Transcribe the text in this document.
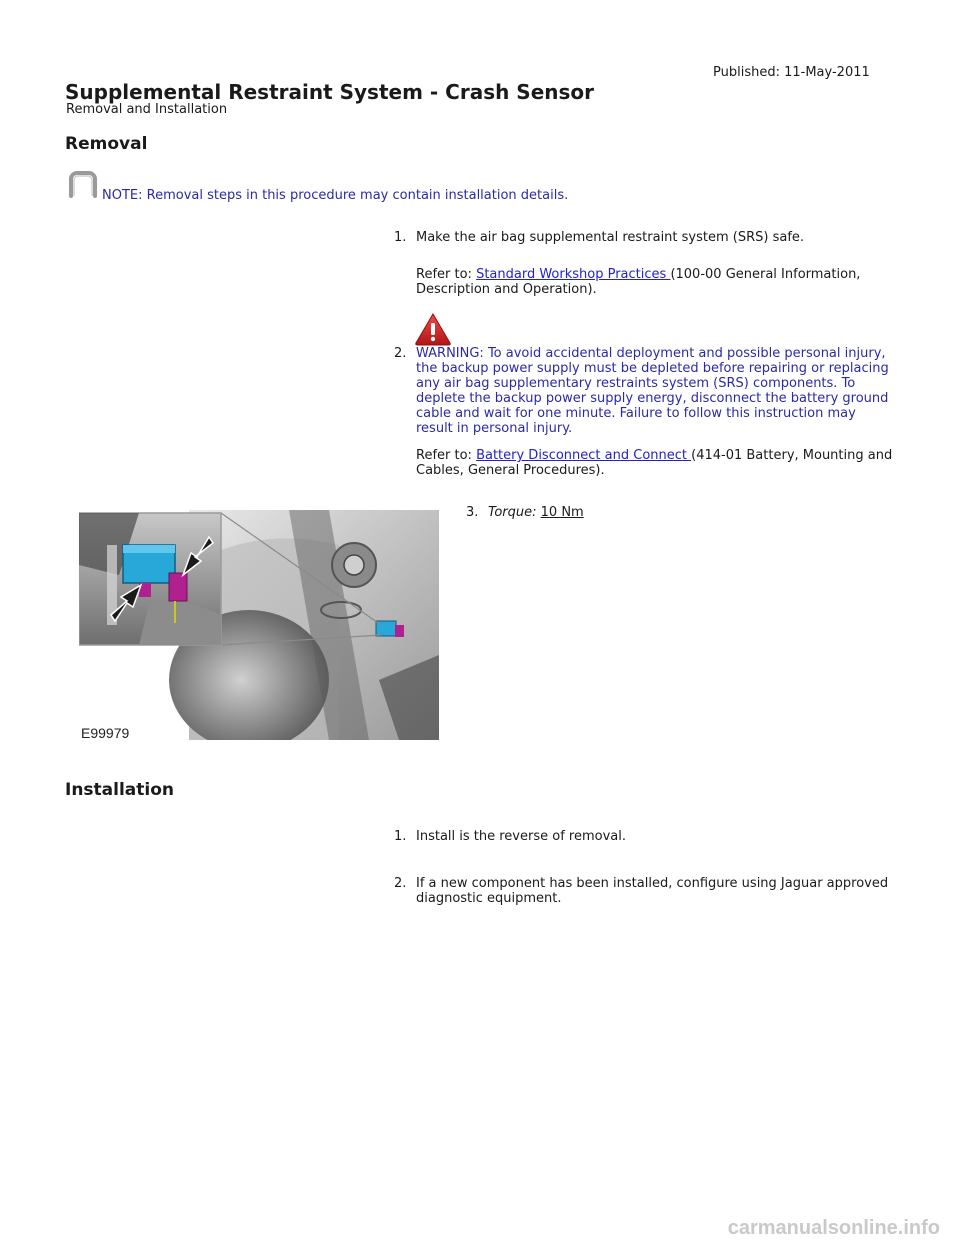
Published: 11-May-2011
Supplemental Restraint System - Crash Sensor
Removal and Installation
Removal
NOTE: Removal steps in this procedure may contain installation details.
1. Make the air bag supplemental restraint system (SRS) safe.
Refer to: Standard Workshop Practices (100-00 General Information,
Description and Operation).
2. WARNING: To avoid accidental deployment and possible personal injury,
the backup power supply must be depleted before repairing or replacing
any air bag supplementary restraints system (SRS) components. To
deplete the backup power supply energy, disconnect the battery ground
cable and wait for one minute. Failure to follow this instruction may
result in personal injury.
Refer to: Battery Disconnect and Connect (414-01 Battery, Mounting and
Cables, General Procedures).
3. Torque: 10 Nm
E99979
Installation
1. Install is the reverse of removal.
2. If a new component has been installed, configure using Jaguar approved
diagnostic equipment.
carmanualsonline.info
